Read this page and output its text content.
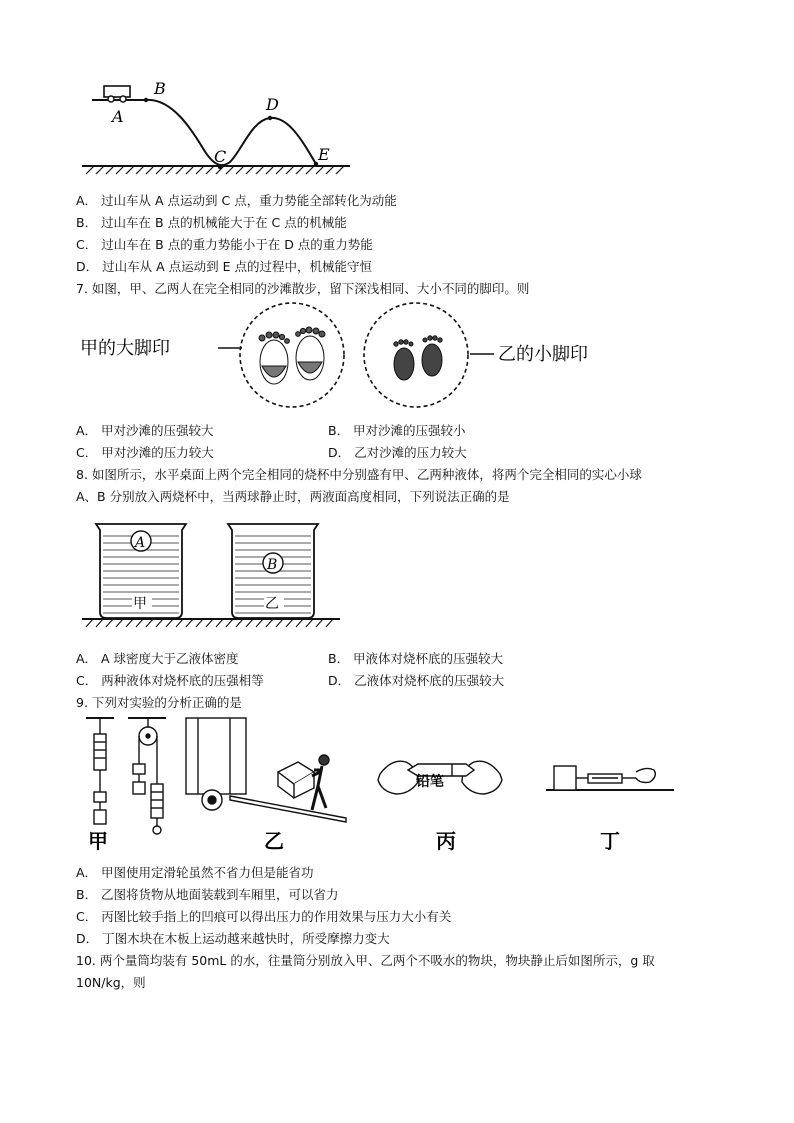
A
B
C
D
E
A． 过山车从 A 点运动到 C 点，重力势能全部转化为动能
B． 过山车在 B 点的机械能大于在 C 点的机械能
C． 过山车在 B 点的重力势能小于在 D 点的重力势能
D． 过山车从 A 点运动到 E 点的过程中，机械能守恒
7. 如图，甲、乙两人在完全相同的沙滩散步，留下深浅相同、大小不同的脚印。则
甲的大脚印	乙的小脚印
A． 甲对沙滩的压强较大	B． 甲对沙滩的压强较小
C． 甲对沙滩的压力较大	D． 乙对沙滩的压力较大
8. 如图所示，水平桌面上两个完全相同的烧杯中分别盛有甲、乙两种液体，将两个完全相同的实心小球
A、B 分别放入两烧杯中，当两球静止时，两液面高度相同，下列说法正确的是
A
甲
B
乙
A． A 球密度大于乙液体密度	B． 甲液体对烧杯底的压强较大
C． 两种液体对烧杯底的压强相等	D． 乙液体对烧杯底的压强较大
9. 下列对实验的分析正确的是
甲	乙
铅笔
丙	丁
A． 甲图使用定滑轮虽然不省力但是能省功
B． 乙图将货物从地面装载到车厢里，可以省力
C． 丙图比较手指上的凹痕可以得出压力的作用效果与压力大小有关
D． 丁图木块在木板上运动越来越快时，所受摩擦力变大
10. 两个量筒均装有 50mL 的水，往量筒分别放入甲、乙两个不吸水的物块，物块静止后如图所示，g 取
10N/kg，则
